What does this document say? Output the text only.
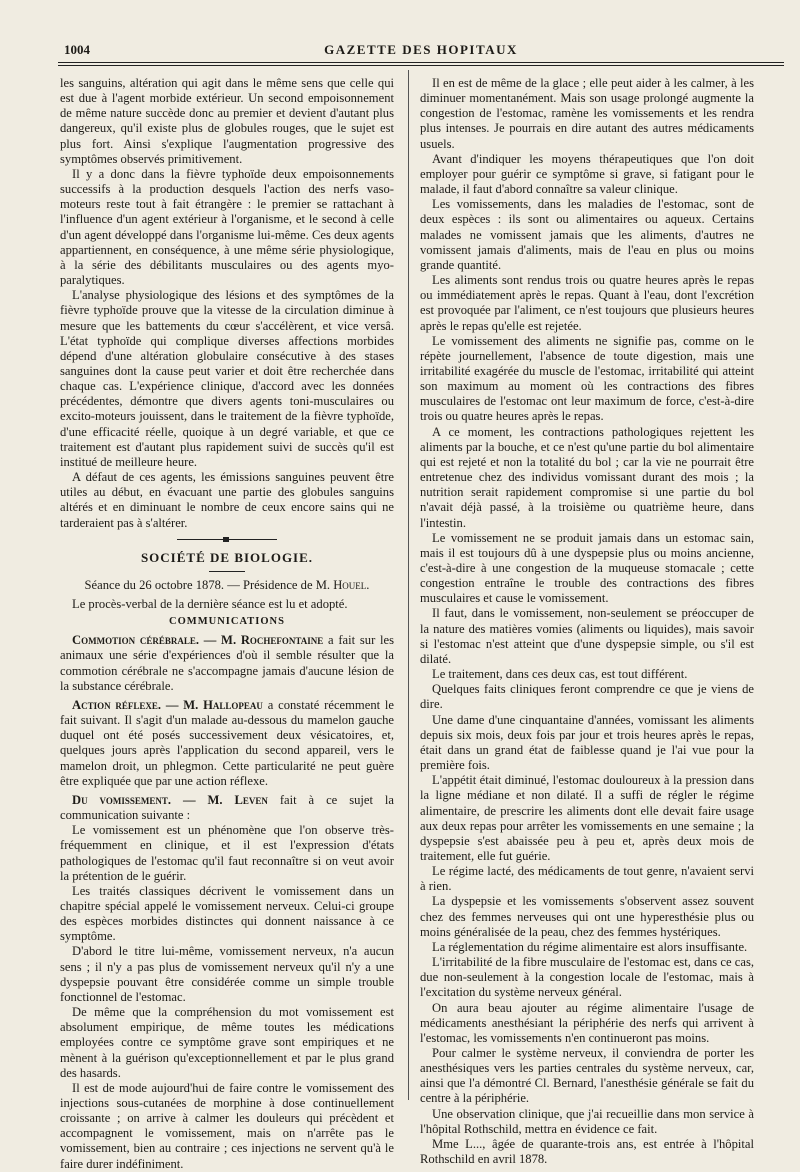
1004	GAZETTE DES HOPITAUX

les sanguins, altération qui agit dans le même sens que celle qui est due à l'agent morbide extérieur. Un second empoisonnement de même nature succède donc au premier et devient d'autant plus dangereux, qu'il existe plus de globules rouges, que le sujet est plus fort. Ainsi s'explique l'augmentation progressive des symptômes observés primitivement.

Il y a donc dans la fièvre typhoïde deux empoisonnements successifs à la production desquels l'action des nerfs vaso-moteurs reste tout à fait étrangère : le premier se rattachant à l'influence d'un agent extérieur à l'organisme, et le second à celle d'un agent développé dans l'organisme lui-même. Ces deux agents appartiennent, en conséquence, à une même série physiologique, à la série des débilitants musculaires ou des agents myo-paralytiques.

L'analyse physiologique des lésions et des symptômes de la fièvre typhoïde prouve que la vitesse de la circulation diminue à mesure que les battements du cœur s'accélèrent, et vice versâ. L'état typhoïde qui complique diverses affections morbides dépend d'une altération globulaire consécutive à des stases sanguines dont la cause peut varier et doit être recherchée dans chaque cas. L'expérience clinique, d'accord avec les données précédentes, démontre que divers agents toni-musculaires ou excito-moteurs jouissent, dans le traitement de la fièvre typhoïde, d'une efficacité réelle, quoique à un degré variable, et que ce traitement est d'autant plus rapidement suivi de succès qu'il est institué de meilleure heure.

A défaut de ces agents, les émissions sanguines peuvent être utiles au début, en évacuant une partie des globules sanguins altérés et en diminuant le nombre de ceux encore sains qui ne tarderaient pas à s'altérer.

SOCIÉTÉ DE BIOLOGIE.
Séance du 26 octobre 1878. — Présidence de M. Houel.

Le procès-verbal de la dernière séance est lu et adopté.

COMMUNICATIONS

Commotion cérébrale. — M. Rochefontaine a fait sur les animaux une série d'expériences d'où il semble résulter que la commotion cérébrale ne s'accompagne jamais d'aucune lésion de la substance cérébrale.

Action réflexe. — M. Hallopeau a constaté récemment le fait suivant. Il s'agit d'un malade au-dessous du mamelon gauche duquel ont été posés successivement deux vésicatoires, et, quelques jours après l'application du second appareil, vers le mamelon droit, un phlegmon. Cette particularité ne peut guère être expliquée que par une action réflexe.

Du vomissement. — M. Leven fait à ce sujet la communication suivante :

Le vomissement est un phénomène que l'on observe très-fréquemment en clinique, et il est l'expression d'états pathologiques de l'estomac qu'il faut reconnaître si on veut avoir la prétention de le guérir.

Les traités classiques décrivent le vomissement dans un chapitre spécial appelé le vomissement nerveux. Celui-ci groupe des espèces morbides distinctes qui donnent naissance à ce symptôme.

D'abord le titre lui-même, vomissement nerveux, n'a aucun sens ; il n'y a pas plus de vomissement nerveux qu'il n'y a une dyspepsie pouvant être considérée comme un simple trouble fonctionnel de l'estomac.

De même que la compréhension du mot vomissement est absolument empirique, de même toutes les médications employées contre ce symptôme grave sont empiriques et ne mènent à la guérison qu'exceptionnellement et par le plus grand des hasards.

Il est de mode aujourd'hui de faire contre le vomissement des injections sous-cutanées de morphine à dose continuellement croissante ; on arrive à calmer les douleurs qui précèdent et accompagnent le vomissement, mais on n'arrête pas le vomissement, bien au contraire ; ces injections ne servent qu'à le faire durer indéfiniment.

Il en est de même de la glace ; elle peut aider à les calmer, à les diminuer momentanément. Mais son usage prolongé augmente la congestion de l'estomac, ramène les vomissements et les rendra plus intenses. Je pourrais en dire autant des autres médicaments usuels.

Avant d'indiquer les moyens thérapeutiques que l'on doit employer pour guérir ce symptôme si grave, si fatigant pour le malade, il faut d'abord connaître sa valeur clinique.

Les vomissements, dans les maladies de l'estomac, sont de deux espèces : ils sont ou alimentaires ou aqueux. Certains malades ne vomissent jamais que les aliments, d'autres ne vomissent jamais d'aliments, mais de l'eau en plus ou moins grande quantité.

Les aliments sont rendus trois ou quatre heures après le repas ou immédiatement après le repas. Quant à l'eau, dont l'excrétion est provoquée par l'aliment, ce n'est toujours que plusieurs heures après le repas qu'elle est rejetée.

Le vomissement des aliments ne signifie pas, comme on le répète journellement, l'absence de toute digestion, mais une irritabilité exagérée du muscle de l'estomac, irritabilité qui atteint son maximum au moment où les contractions des fibres musculaires de l'estomac ont leur maximum de force, c'est-à-dire trois ou quatre heures après le repas.

A ce moment, les contractions pathologiques rejettent les aliments par la bouche, et ce n'est qu'une partie du bol alimentaire qui est rejeté et non la totalité du bol ; car la vie ne pourrait être entretenue chez des individus vomissant durant des mois ; la nutrition serait rapidement compromise si une partie du bol n'avait déjà passé, à la troisième ou quatrième heure, dans l'intestin.

Le vomissement ne se produit jamais dans un estomac sain, mais il est toujours dû à une dyspepsie plus ou moins ancienne, c'est-à-dire à une congestion de la muqueuse stomacale ; cette congestion entraîne le trouble des contractions des fibres musculaires et cause le vomissement.

Il faut, dans le vomissement, non-seulement se préoccuper de la nature des matières vomies (aliments ou liquides), mais savoir si l'estomac n'est atteint que d'une dyspepsie simple, ou s'il est dilaté.

Le traitement, dans ces deux cas, est tout différent.

Quelques faits cliniques feront comprendre ce que je viens de dire.

Une dame d'une cinquantaine d'années, vomissant les aliments depuis six mois, deux fois par jour et trois heures après le repas, était dans un grand état de faiblesse quand je l'ai vue pour la première fois.

L'appétit était diminué, l'estomac douloureux à la pression dans la ligne médiane et non dilaté. Il a suffi de régler le régime alimentaire, de prescrire les aliments dont elle devait faire usage aux deux repas pour arrêter les vomissements en une semaine ; la dyspepsie s'est abaissée peu à peu et, après deux mois de traitement, elle fut guérie.

Le régime lacté, des médicaments de tout genre, n'avaient servi à rien.

La dyspepsie et les vomissements s'observent assez souvent chez des femmes nerveuses qui ont une hyperesthésie plus ou moins généralisée de la peau, chez des femmes hystériques.

La réglementation du régime alimentaire est alors insuffisante.

L'irritabilité de la fibre musculaire de l'estomac est, dans ce cas, due non-seulement à la congestion locale de l'estomac, mais à l'excitation du système nerveux général.

On aura beau ajouter au régime alimentaire l'usage de médicaments anesthésiant la périphérie des nerfs qui arrivent à l'estomac, les vomissements n'en continueront pas moins.

Pour calmer le système nerveux, il conviendra de porter les anesthésiques vers les parties centrales du système nerveux, car, ainsi que l'a démontré Cl. Bernard, l'anesthésie générale se fait du centre à la périphérie.

Une observation clinique, que j'ai recueillie dans mon service à l'hôpital Rothschild, mettra en évidence ce fait.

Mme L..., âgée de quarante-trois ans, est entrée à l'hôpital Rothschild en avril 1878.
